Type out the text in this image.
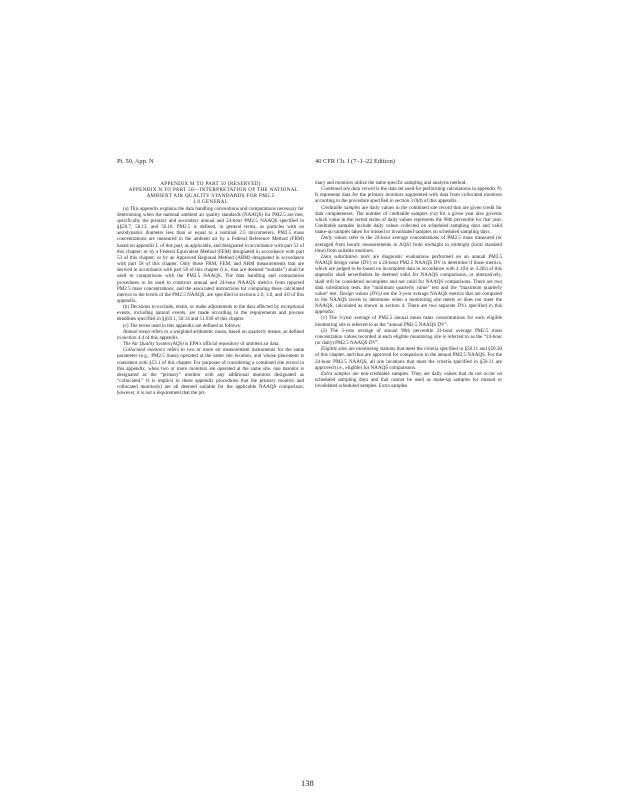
Pt. 50, App. N	40 CFR Ch. I (7–1–22 Edition)

APPENDIX M TO PART 50 [RESERVED]

APPENDIX N TO PART 50—INTERPRETATION OF THE NATIONAL AMBIENT AIR QUALITY STANDARDS FOR PM2.5

1.0 GENERAL

(a) This appendix explains the data handling conventions and computations necessary for determining when the national ambient air quality standards (NAAQS) for PM2.5 are met, specifically the primary and secondary annual and 24-hour PM2.5 NAAQS specified in §§50.7, 50.13, and 50.18. PM2.5 is defined, in general terms, as particles with an aerodynamic diameter less than or equal to a nominal 2.5 micrometers. PM2.5 mass concentrations are measured in the ambient air by a Federal Reference Method (FRM) based on appendix L of this part, as applicable, and designated in accordance with part 53 of this chapter; or by a Federal Equivalent Method (FEM) designated in accordance with part 53 of this chapter; or by an Approved Regional Method (ARM) designated in accordance with part 58 of this chapter. Only those FRM, FEM, and ARM measurements that are derived in accordance with part 58 of this chapter (i.e., that are deemed “suitable”) shall be used in comparisons with the PM2.5 NAAQS. The data handling and computation procedures to be used to construct annual and 24-hour NAAQS metrics from reported PM2.5 mass concentrations, and the associated instructions for comparing these calculated metrics to the levels of the PM2.5 NAAQS, are specified in sections 2.0, 3.0, and 4.0 of this appendix.

(b) Decisions to exclude, retain, or make adjustments to the data affected by exceptional events, including natural events, are made according to the requirements and process deadlines specified in §§50.1, 50.14 and 51.930 of this chapter.

(c) The terms used in this appendix are defined as follows:

Annual mean refers to a weighted arithmetic mean, based on quarterly means, as defined in section 4.4 of this appendix.

The Air Quality System (AQS) is EPA's official repository of ambient air data.

Collocated monitors refers to two or more air measurement instruments for the same parameter (e.g., PM2.5 mass) operated at the same site location, and whose placement is consistent with §53.1 of this chapter. For purposes of considering a combined site record in this appendix, when two or more monitors are operated at the same site, one monitor is designated as the “primary” monitor with any additional monitors designated as “collocated.” It is implicit in these appendix procedures that the primary monitor and collocated monitor(s) are all deemed suitable for the applicable NAAQS comparison; however, it is not a requirement that the pri-

mary and monitors utilize the same specific sampling and analysis method.

Combined site data record is the data set used for performing calculations in appendix N. It represents data for the primary monitors augmented with data from collocated monitors according to the procedure specified in section 3.0(d) of this appendix.

Creditable samples are daily values in the combined site record that are given credit for data completeness. The number of creditable samples (cn) for a given year also governs which value in the sorted series of daily values represents the 98th percentile for that year. Creditable samples include daily values collected on scheduled sampling days and valid make-up samples taken for missed or invalidated samples on scheduled sampling days.

Daily values refer to the 24-hour average concentrations of PM2.5 mass measured (or averaged from hourly measurements in AQS) from midnight to midnight (local standard time) from suitable monitors.

Data substitution tests are diagnostic evaluations performed on an annual PM2.5 NAAQS design value (DV) or a 24-hour PM2.5 NAAQS DV to determine if those metrics, which are judged to be based on incomplete data in accordance with 4.1(b) or 4.2(b) of this appendix shall nevertheless be deemed valid for NAAQS comparisons, or alternatively, shall still be considered incomplete and not valid for NAAQS comparisons. There are two data substitution tests, the “minimum quarterly value” test and the “maximum quarterly value” test. Design values (DVs) are the 3-year average NAAQS metrics that are compared to the NAAQS levels to determine when a monitoring site meets or does not meet the NAAQS, calculated as shown in section 4. There are two separate DVs specified in this appendix:

(1) The 3-year average of PM2.5 annual mean mass concentrations for each eligible monitoring site is referred to as the “annual PM2.5 NAAQS DV”.

(2) The 3-year average of annual 98th percentile 24-hour average PM2.5 mass concentration values recorded at each eligible monitoring site is referred to as the “24-hour (or daily) PM2.5 NAAQS DV”.

Eligible sites are monitoring stations that meet the criteria specified in §58.11 and §58.30 of this chapter, and thus are approved for comparison to the annual PM2.5 NAAQS. For the 24-hour PM2.5 NAAQS, all site locations that meet the criteria specified in §58.11 are approved (i.e., eligible) for NAAQS comparisons.

Extra samples are non-creditable samples. They are daily values that do not occur on scheduled sampling days and that cannot be used as make-up samples for missed or invalidated scheduled samples. Extra samples

138
